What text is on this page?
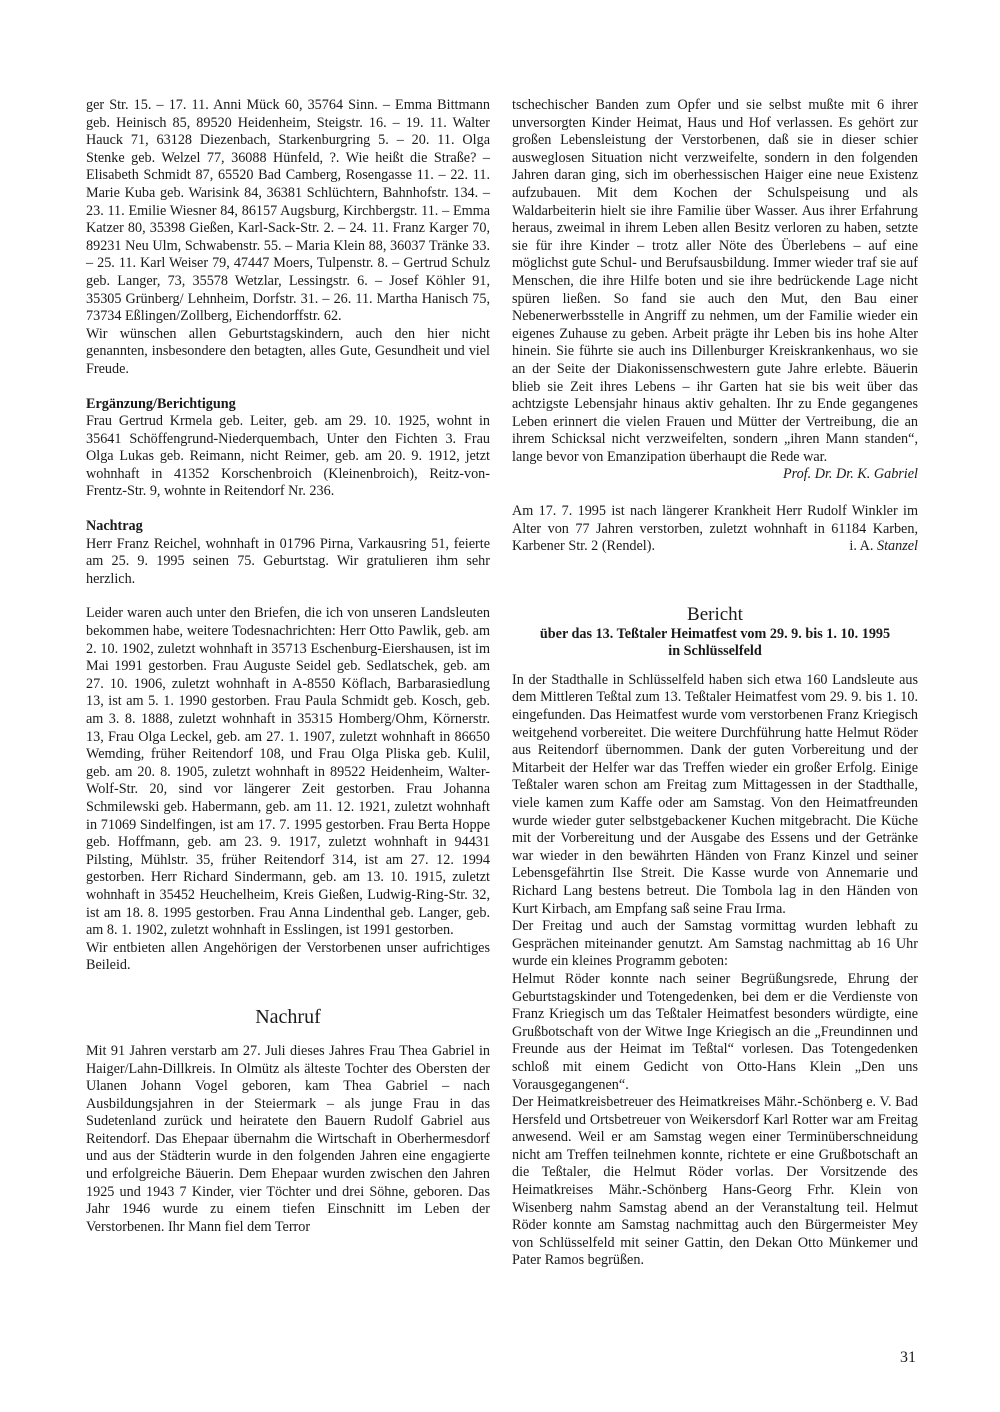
ger Str. 15. – 17. 11. Anni Mück 60, 35764 Sinn. – Emma Bittmann geb. Heinisch 85, 89520 Heidenheim, Steigstr. 16. – 19. 11. Walter Hauck 71, 63128 Diezenbach, Starkenburgring 5. – 20. 11. Olga Stenke geb. Welzel 77, 36088 Hünfeld, ?. Wie heißt die Straße? – Elisabeth Schmidt 87, 65520 Bad Camberg, Rosengasse 11. – 22. 11. Marie Kuba geb. Warisink 84, 36381 Schlüchtern, Bahnhofstr. 134. – 23. 11. Emilie Wiesner 84, 86157 Augsburg, Kirchbergstr. 11. – Emma Katzer 80, 35398 Gießen, Karl-Sack-Str. 2. – 24. 11. Franz Karger 70, 89231 Neu Ulm, Schwabenstr. 55. – Maria Klein 88, 36037 Tränke 33. – 25. 11. Karl Weiser 79, 47447 Moers, Tulpenstr. 8. – Gertrud Schulz geb. Langer, 73, 35578 Wetzlar, Lessingstr. 6. – Josef Köhler 91, 35305 Grünberg/ Lehnheim, Dorfstr. 31. – 26. 11. Martha Hanisch 75, 73734 Eßlingen/Zollberg, Eichendorffstr. 62.

Wir wünschen allen Geburtstagskindern, auch den hier nicht genannten, insbesondere den betagten, alles Gute, Gesundheit und viel Freude.

Ergänzung/Berichtigung

Frau Gertrud Krmela geb. Leiter, geb. am 29. 10. 1925, wohnt in 35641 Schöffengrund-Niederquembach, Unter den Fichten 3. Frau Olga Lukas geb. Reimann, nicht Reimer, geb. am 20. 9. 1912, jetzt wohnhaft in 41352 Korschenbroich (Kleinenbroich), Reitz-von-Frentz-Str. 9, wohnte in Reitendorf Nr. 236.

Nachtrag

Herr Franz Reichel, wohnhaft in 01796 Pirna, Varkausring 51, feierte am 25. 9. 1995 seinen 75. Geburtstag. Wir gratulieren ihm sehr herzlich.

Leider waren auch unter den Briefen, die ich von unseren Landsleuten bekommen habe, weitere Todesnachrichten: Herr Otto Pawlik, geb. am 2. 10. 1902, zuletzt wohnhaft in 35713 Eschenburg-Eiershausen, ist im Mai 1991 gestorben. Frau Auguste Seidel geb. Sedlatschek, geb. am 27. 10. 1906, zuletzt wohnhaft in A-8550 Köflach, Barbarasiedlung 13, ist am 5. 1. 1990 gestorben. Frau Paula Schmidt geb. Kosch, geb. am 3. 8. 1888, zuletzt wohnhaft in 35315 Homberg/Ohm, Körnerstr. 13, Frau Olga Leckel, geb. am 27. 1. 1907, zuletzt wohnhaft in 86650 Wemding, früher Reitendorf 108, und Frau Olga Pliska geb. Kulil, geb. am 20. 8. 1905, zuletzt wohnhaft in 89522 Heidenheim, Walter-Wolf-Str. 20, sind vor längerer Zeit gestorben. Frau Johanna Schmilewski geb. Habermann, geb. am 11. 12. 1921, zuletzt wohnhaft in 71069 Sindelfingen, ist am 17. 7. 1995 gestorben. Frau Berta Hoppe geb. Hoffmann, geb. am 23. 9. 1917, zuletzt wohnhaft in 94431 Pilsting, Mühlstr. 35, früher Reitendorf 314, ist am 27. 12. 1994 gestorben. Herr Richard Sindermann, geb. am 13. 10. 1915, zuletzt wohnhaft in 35452 Heuchelheim, Kreis Gießen, Ludwig-Ring-Str. 32, ist am 18. 8. 1995 gestorben. Frau Anna Lindenthal geb. Langer, geb. am 8. 1. 1902, zuletzt wohnhaft in Esslingen, ist 1991 gestorben.

Wir entbieten allen Angehörigen der Verstorbenen unser aufrichtiges Beileid.

Nachruf

Mit 91 Jahren verstarb am 27. Juli dieses Jahres Frau Thea Gabriel in Haiger/Lahn-Dillkreis. In Olmütz als älteste Tochter des Obersten der Ulanen Johann Vogel geboren, kam Thea Gabriel – nach Ausbildungsjahren in der Steiermark – als junge Frau in das Sudetenland zurück und heiratete den Bauern Rudolf Gabriel aus Reitendorf. Das Ehepaar übernahm die Wirtschaft in Oberhermesdorf und aus der Städterin wurde in den folgenden Jahren eine engagierte und erfolgreiche Bäuerin. Dem Ehepaar wurden zwischen den Jahren 1925 und 1943 7 Kinder, vier Töchter und drei Söhne, geboren. Das Jahr 1946 wurde zu einem tiefen Einschnitt im Leben der Verstorbenen. Ihr Mann fiel dem Terror

tschechischer Banden zum Opfer und sie selbst mußte mit 6 ihrer unversorgten Kinder Heimat, Haus und Hof verlassen. Es gehört zur großen Lebensleistung der Verstorbenen, daß sie in dieser schier ausweglosen Situation nicht verzweifelte, sondern in den folgenden Jahren daran ging, sich im oberhessischen Haiger eine neue Existenz aufzubauen. Mit dem Kochen der Schulspeisung und als Waldarbeiterin hielt sie ihre Familie über Wasser. Aus ihrer Erfahrung heraus, zweimal in ihrem Leben allen Besitz verloren zu haben, setzte sie für ihre Kinder – trotz aller Nöte des Überlebens – auf eine möglichst gute Schul- und Berufsausbildung. Immer wieder traf sie auf Menschen, die ihre Hilfe boten und sie ihre bedrückende Lage nicht spüren ließen. So fand sie auch den Mut, den Bau einer Nebenerwerbsstelle in Angriff zu nehmen, um der Familie wieder ein eigenes Zuhause zu geben. Arbeit prägte ihr Leben bis ins hohe Alter hinein. Sie führte sie auch ins Dillenburger Kreiskrankenhaus, wo sie an der Seite der Diakonissenschwestern gute Jahre erlebte. Bäuerin blieb sie Zeit ihres Lebens – ihr Garten hat sie bis weit über das achtzigste Lebensjahr hinaus aktiv gehalten. Ihr zu Ende gegangenes Leben erinnert die vielen Frauen und Mütter der Vertreibung, die an ihrem Schicksal nicht verzweifelten, sondern „ihren Mann standen“, lange bevor von Emanzipation überhaupt die Rede war.

Prof. Dr. Dr. K. Gabriel

Am 17. 7. 1995 ist nach längerer Krankheit Herr Rudolf Winkler im Alter von 77 Jahren verstorben, zuletzt wohnhaft in 61184 Karben, Karbener Str. 2 (Rendel).	i. A. Stanzel

Bericht
über das 13. Teßtaler Heimatfest vom 29. 9. bis 1. 10. 1995
in Schlüsselfeld

In der Stadthalle in Schlüsselfeld haben sich etwa 160 Landsleute aus dem Mittleren Teßtal zum 13. Teßtaler Heimatfest vom 29. 9. bis 1. 10. eingefunden. Das Heimatfest wurde vom verstorbenen Franz Kriegisch weitgehend vorbereitet. Die weitere Durchführung hatte Helmut Röder aus Reitendorf übernommen. Dank der guten Vorbereitung und der Mitarbeit der Helfer war das Treffen wieder ein großer Erfolg. Einige Teßtaler waren schon am Freitag zum Mittagessen in der Stadthalle, viele kamen zum Kaffe oder am Samstag. Von den Heimatfreunden wurde wieder guter selbstgebackener Kuchen mitgebracht. Die Küche mit der Vorbereitung und der Ausgabe des Essens und der Getränke war wieder in den bewährten Händen von Franz Kinzel und seiner Lebensgefährtin Ilse Streit. Die Kasse wurde von Annemarie und Richard Lang bestens betreut. Die Tombola lag in den Händen von Kurt Kirbach, am Empfang saß seine Frau Irma.

Der Freitag und auch der Samstag vormittag wurden lebhaft zu Gesprächen miteinander genutzt. Am Samstag nachmittag ab 16 Uhr wurde ein kleines Programm geboten:

Helmut Röder konnte nach seiner Begrüßungsrede, Ehrung der Geburtstagskinder und Totengedenken, bei dem er die Verdienste von Franz Kriegisch um das Teßtaler Heimatfest besonders würdigte, eine Grußbotschaft von der Witwe Inge Kriegisch an die „Freundinnen und Freunde aus der Heimat im Teßtal“ vorlesen. Das Totengedenken schloß mit einem Gedicht von Otto-Hans Klein „Den uns Vorausgegangenen“.

Der Heimatkreisbetreuer des Heimatkreises Mähr.-Schönberg e. V. Bad Hersfeld und Ortsbetreuer von Weikersdorf Karl Rotter war am Freitag anwesend. Weil er am Samstag wegen einer Terminüberschneidung nicht am Treffen teilnehmen konnte, richtete er eine Grußbotschaft an die Teßtaler, die Helmut Röder vorlas. Der Vorsitzende des Heimatkreises Mähr.-Schönberg Hans-Georg Frhr. Klein von Wisenberg nahm Samstag abend an der Veranstaltung teil. Helmut Röder konnte am Samstag nachmittag auch den Bürgermeister Mey von Schlüsselfeld mit seiner Gattin, den Dekan Otto Münkemer und Pater Ramos begrüßen.

31
